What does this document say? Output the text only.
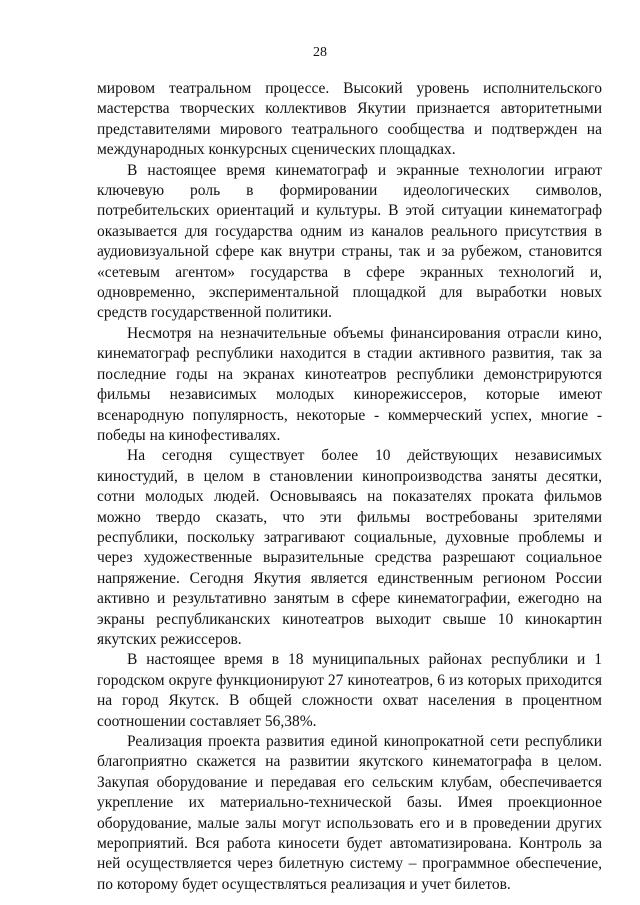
28

мировом театральном процессе. Высокий уровень исполнительского мастерства творческих коллективов Якутии признается авторитетными представителями мирового театрального сообщества и подтвержден на международных конкурсных сценических площадках.

В настоящее время кинематограф и экранные технологии играют ключевую роль в формировании идеологических символов, потребительских ориентаций и культуры. В этой ситуации кинематограф оказывается для государства одним из каналов реального присутствия в аудиовизуальной сфере как внутри страны, так и за рубежом, становится «сетевым агентом» государства в сфере экранных технологий и, одновременно, экспериментальной площадкой для выработки новых средств государственной политики.

Несмотря на незначительные объемы финансирования отрасли кино, кинематограф республики находится в стадии активного развития, так за последние годы на экранах кинотеатров республики демонстрируются фильмы независимых молодых кинорежиссеров, которые имеют всенародную популярность, некоторые - коммерческий успех, многие - победы на кинофестивалях.

На сегодня существует более 10 действующих независимых киностудий, в целом в становлении кинопроизводства заняты десятки, сотни молодых людей. Основываясь на показателях проката фильмов можно твердо сказать, что эти фильмы востребованы зрителями республики, поскольку затрагивают социальные, духовные проблемы и через художественные выразительные средства разрешают социальное напряжение. Сегодня Якутия является единственным регионом России активно и результативно занятым в сфере кинематографии, ежегодно на экраны республиканских кинотеатров выходит свыше 10 кинокартин якутских режиссеров.

В настоящее время в 18 муниципальных районах республики и 1 городском округе функционируют 27 кинотеатров, 6 из которых приходится на город Якутск. В общей сложности охват населения в процентном соотношении составляет 56,38%.

Реализация проекта развития единой кинопрокатной сети республики благоприятно скажется на развитии якутского кинематографа в целом. Закупая оборудование и передавая его сельским клубам, обеспечивается укрепление их материально-технической базы. Имея проекционное оборудование, малые залы могут использовать его и в проведении других мероприятий. Вся работа киносети будет автоматизирована. Контроль за ней осуществляется через билетную систему – программное обеспечение, по которому будет осуществляться реализация и учет билетов.
